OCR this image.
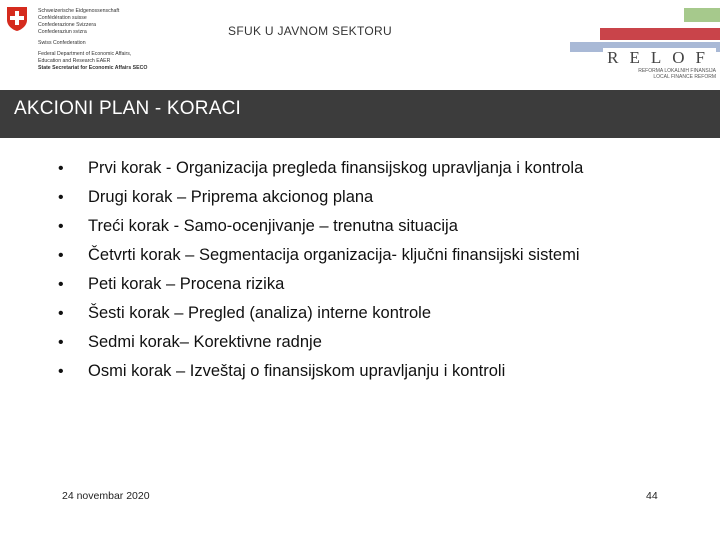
Schweizerische Eidgenossenschaft
Confédération suisse
Confederazione Svizzera
Confederaziun svizra
Swiss Confederation
Federal Department of Economic Affairs,
Education and Research EAER
State Secretariat for Economic Affairs SECO
SFUK U JAVNOM SEKTORU
RELOF
REFORMA LOKALNIH FINANSIJA
LOCAL FINANCE REFORM
AKCIONI PLAN - KORACI
• Prvi korak - Organizacija pregleda finansijskog upravljanja i kontrola
• Drugi korak – Priprema akcionog plana
• Treći korak - Samo-ocenjivanje – trenutna situacija
• Četvrti korak – Segmentacija organizacija- ključni finansijski sistemi
• Peti korak – Procena rizika
• Šesti korak – Pregled (analiza) interne kontrole
• Sedmi korak– Korektivne radnje
• Osmi korak – Izveštaj o finansijskom upravljanju i kontroli
24 novembar 2020	44
